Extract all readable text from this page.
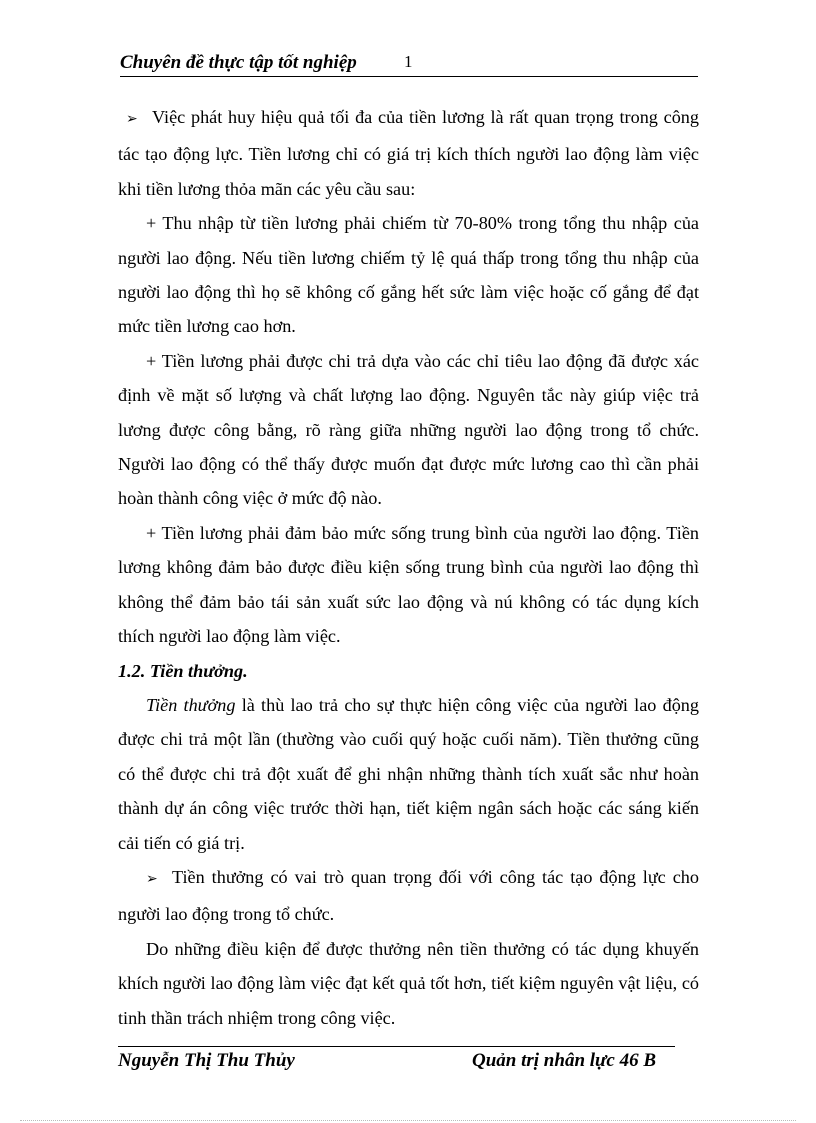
Chuyên đề thực tập tốt nghiệp	1

➢ Việc phát huy hiệu quả tối đa của tiền lương là rất quan trọng trong công tác tạo động lực. Tiền lương chỉ có giá trị kích thích người lao động làm việc khi tiền lương thỏa mãn các yêu cầu sau:

+ Thu nhập từ tiền lương phải chiếm từ 70-80% trong tổng thu nhập của người lao động. Nếu tiền lương chiếm tỷ lệ quá thấp trong tổng thu nhập của người lao động thì họ sẽ không cố gắng hết sức làm việc hoặc cố gắng để đạt mức tiền lương cao hơn.

+ Tiền lương phải được chi trả dựa vào các chỉ tiêu lao động đã được xác định về mặt số lượng và chất lượng lao động. Nguyên tắc này giúp việc trả lương được công bằng, rõ ràng giữa những người lao động trong tổ chức. Người lao động có thể thấy được muốn đạt được mức lương cao thì cần phải hoàn thành công việc ở mức độ nào.

+ Tiền lương phải đảm bảo mức sống trung bình của người lao động. Tiền lương không đảm bảo được điều kiện sống trung bình của người lao động thì không thể đảm bảo tái sản xuất sức lao động và nú không có tác dụng kích thích người lao động làm việc.

1.2. Tiền thưởng.

Tiền thưởng là thù lao trả cho sự thực hiện công việc của người lao động được chi trả một lần (thường vào cuối quý hoặc cuối năm). Tiền thưởng cũng có thể được chi trả đột xuất để ghi nhận những thành tích xuất sắc như hoàn thành dự án công việc trước thời hạn, tiết kiệm ngân sách hoặc các sáng kiến cải tiến có giá trị.

➢ Tiền thưởng có vai trò quan trọng đối với công tác tạo động lực cho người lao động trong tổ chức.

Do những điều kiện để được thưởng nên tiền thưởng có tác dụng khuyến khích người lao động làm việc đạt kết quả tốt hơn, tiết kiệm nguyên vật liệu, có tinh thần trách nhiệm trong công việc.

Nguyễn Thị Thu Thủy	Quản trị nhân lực 46 B
